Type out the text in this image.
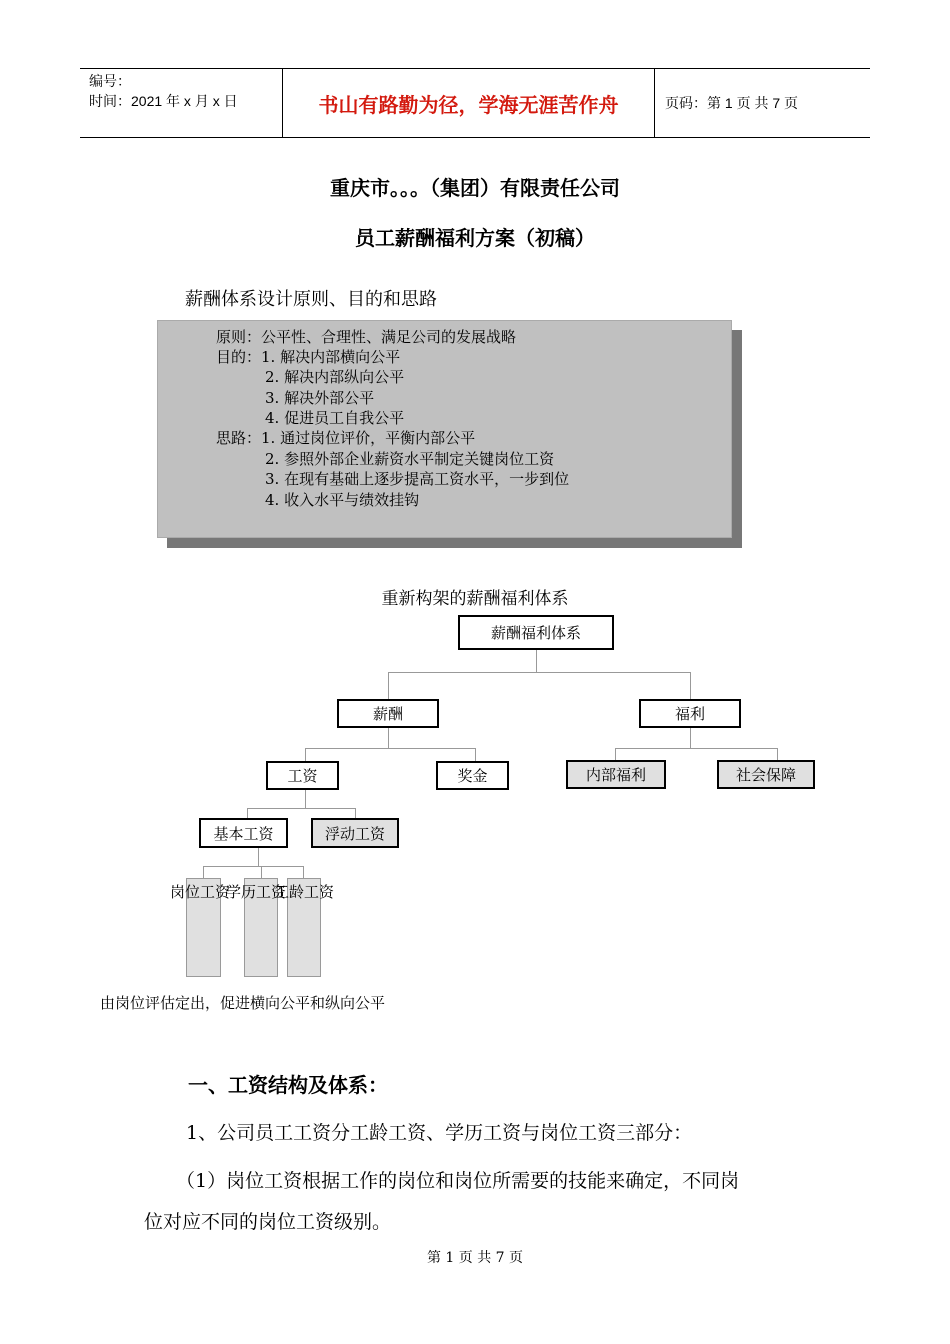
编号：
时间：2021 年 x 月 x 日	书山有路勤为径，学海无涯苦作舟	页码：第 1 页 共 7 页
重庆市。。。（集团）有限责任公司
员工薪酬福利方案（初稿）
薪酬体系设计原则、目的和思路
原则：公平性、合理性、满足公司的发展战略
目的：1. 解决内部横向公平
2. 解决内部纵向公平
3. 解决外部公平
4. 促进员工自我公平
思路：1. 通过岗位评价，平衡内部公平
2. 参照外部企业薪资水平制定关键岗位工资
3. 在现有基础上逐步提高工资水平，一步到位
4. 收入水平与绩效挂钩
重新构架的薪酬福利体系
薪酬福利体系
薪酬	福利
工资	奖金	内部福利	社会保障
基本工资	浮动工资
岗位工资
学历工资
工龄工资
由岗位评估定出，促进横向公平和纵向公平
一、工资结构及体系：
1、公司员工工资分工龄工资、学历工资与岗位工资三部分：
（1）岗位工资根据工作的岗位和岗位所需要的技能来确定，不同岗
位对应不同的岗位工资级别。
第 1 页 共 7 页
